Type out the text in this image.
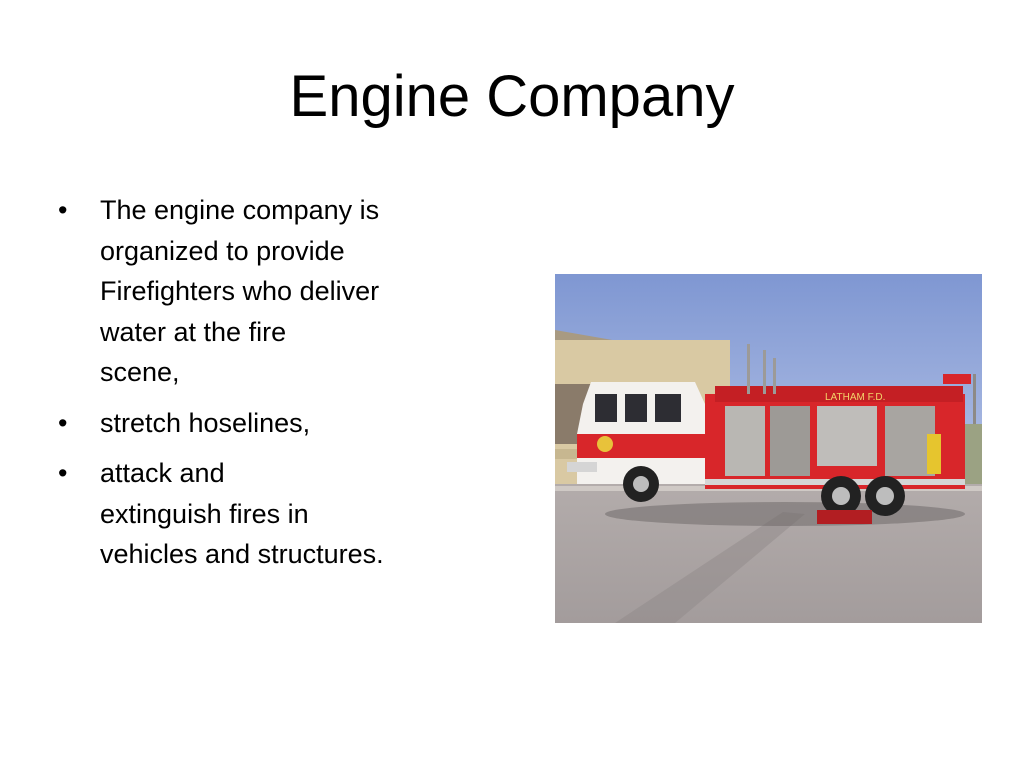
Engine Company
• The engine company is
organized to provide
Firefighters who deliver
water at the fire
scene,
• stretch hoselines,
• attack and
extinguish fires in
vehicles and structures.
LATHAM F.D.
